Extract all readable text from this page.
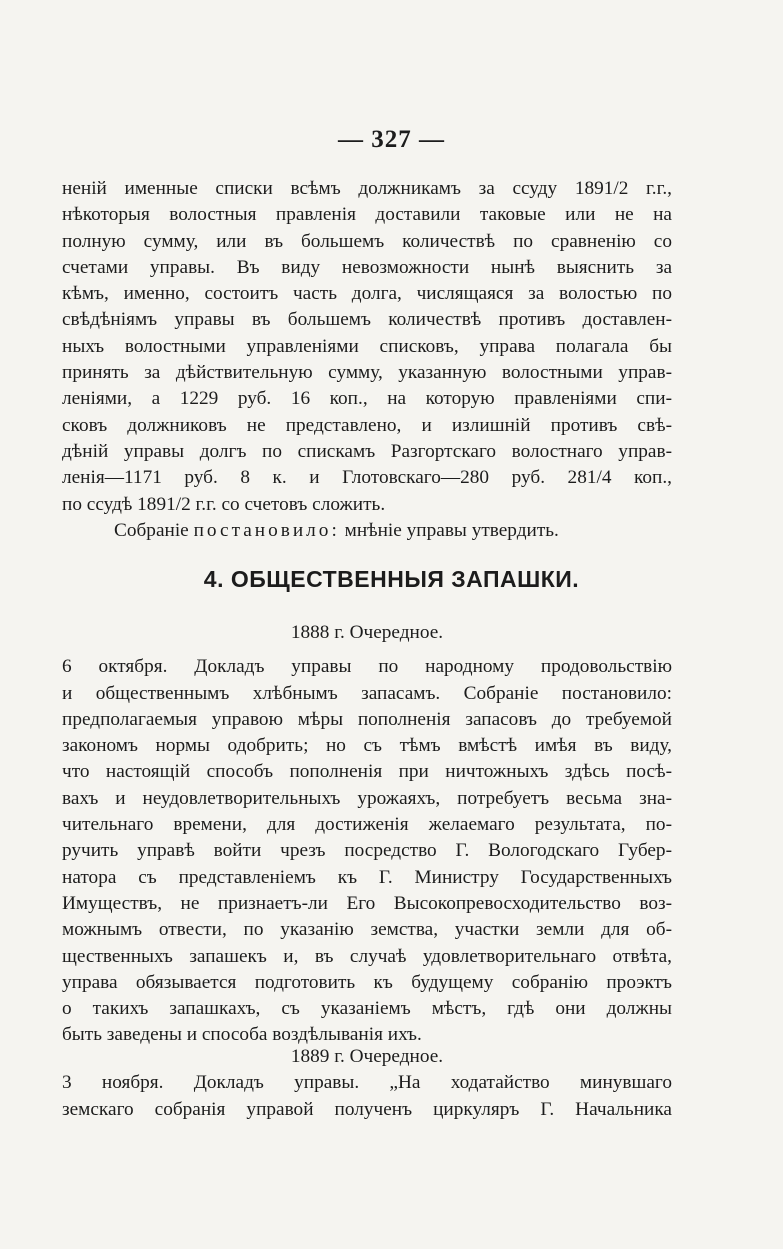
— 327 —
ненiй именные списки всѣмъ должникамъ за ссуду 1891/2 г.г.,
нѣкоторыя волостныя правленiя доставили таковые или не на
полную сумму, или въ большемъ количествѣ по сравненiю со
счетами управы. Въ виду невозможности нынѣ выяснить за
кѣмъ, именно, состоитъ часть долга, числящаяся за волостью по
свѣдѣнiямъ управы въ большемъ количествѣ противъ доставлен-
ныхъ волостными управленiями списковъ, управа полагала бы
принять за дѣйствительную сумму, указанную волостными управ-
ленiями, а 1229 руб. 16 коп., на которую правленiями спи-
сковъ должниковъ не представлено, и излишнiй противъ свѣ-
дѣнiй управы долгъ по спискамъ Разгортскаго волостнаго управ-
ленiя—1171 руб. 8 к. и Глотовскаго—280 руб. 281/4 коп.,
по ссудѣ 1891/2 г.г. со счетовъ сложить.
Собранiе постановило: мнѣнiе управы утвердить.
4. ОБЩЕСТВЕННЫЯ ЗАПАШКИ.
1888 г. Очередное.
6 октября. Докладъ управы по народному продовольствiю
и общественнымъ хлѣбнымъ запасамъ. Собранiе постановило:
предполагаемыя управою мѣры пополненiя запасовъ до требуемой
закономъ нормы одобрить; но съ тѣмъ вмѣстѣ имѣя въ виду,
что настоящiй способъ пополненiя при ничтожныхъ здѣсь посѣ-
вахъ и неудовлетворительныхъ урожаяхъ, потребуетъ весьма зна-
чительнаго времени, для достиженiя желаемаго результата, по-
ручить управѣ войти чрезъ посредство Г. Вологодскаго Губер-
натора съ представленiемъ къ Г. Министру Государственныхъ
Имуществъ, не признаетъ-ли Его Высокопревосходительство воз-
можнымъ отвести, по указанiю земства, участки земли для об-
щественныхъ запашекъ и, въ случаѣ удовлетворительнаго отвѣта,
управа обязывается подготовить къ будущему собранiю проэктъ
о такихъ запашкахъ, съ указанiемъ мѣстъ, гдѣ они должны
быть заведены и способа воздѣлыванiя ихъ.
1889 г. Очередное.
3 ноября. Докладъ управы. „На ходатайство минувшаго
земскаго собранiя управой полученъ циркуляръ Г. Начальника
